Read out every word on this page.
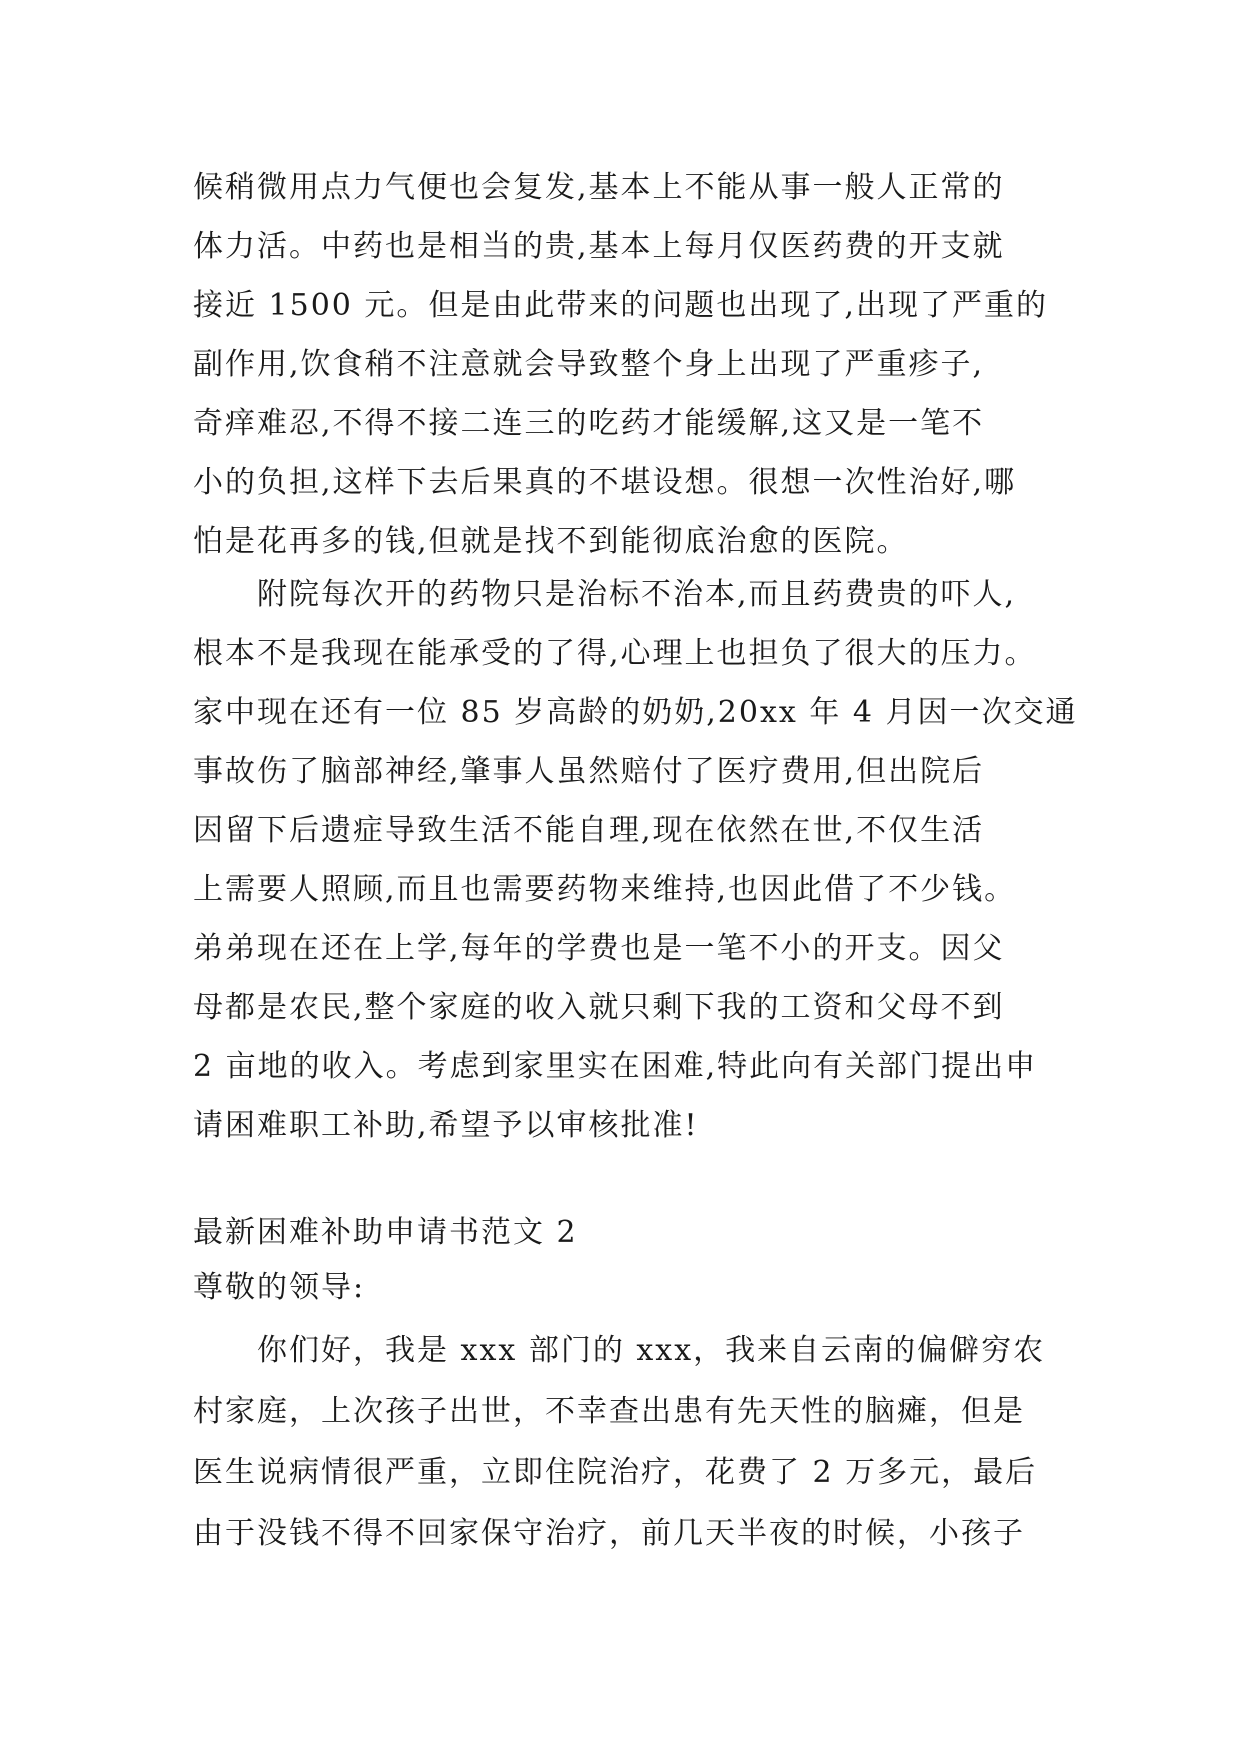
候稍微用点力气便也会复发,基本上不能从事一般人正常的
体力活。中药也是相当的贵,基本上每月仅医药费的开支就
接近 1500 元。但是由此带来的问题也出现了,出现了严重的
副作用,饮食稍不注意就会导致整个身上出现了严重疹子,
奇痒难忍,不得不接二连三的吃药才能缓解,这又是一笔不
小的负担,这样下去后果真的不堪设想。很想一次性治好,哪
怕是花再多的钱,但就是找不到能彻底治愈的医院。
附院每次开的药物只是治标不治本,而且药费贵的吓人,
根本不是我现在能承受的了得,心理上也担负了很大的压力。
家中现在还有一位 85 岁高龄的奶奶,20xx 年 4 月因一次交通
事故伤了脑部神经,肇事人虽然赔付了医疗费用,但出院后
因留下后遗症导致生活不能自理,现在依然在世,不仅生活
上需要人照顾,而且也需要药物来维持,也因此借了不少钱。
弟弟现在还在上学,每年的学费也是一笔不小的开支。因父
母都是农民,整个家庭的收入就只剩下我的工资和父母不到
2 亩地的收入。考虑到家里实在困难,特此向有关部门提出申
请困难职工补助,希望予以审核批准!
最新困难补助申请书范文 2
尊敬的领导:
你们好，我是 xxx 部门的 xxx，我来自云南的偏僻穷农
村家庭，上次孩子出世，不幸查出患有先天性的脑瘫，但是
医生说病情很严重，立即住院治疗，花费了 2 万多元，最后
由于没钱不得不回家保守治疗，前几天半夜的时候，小孩子
